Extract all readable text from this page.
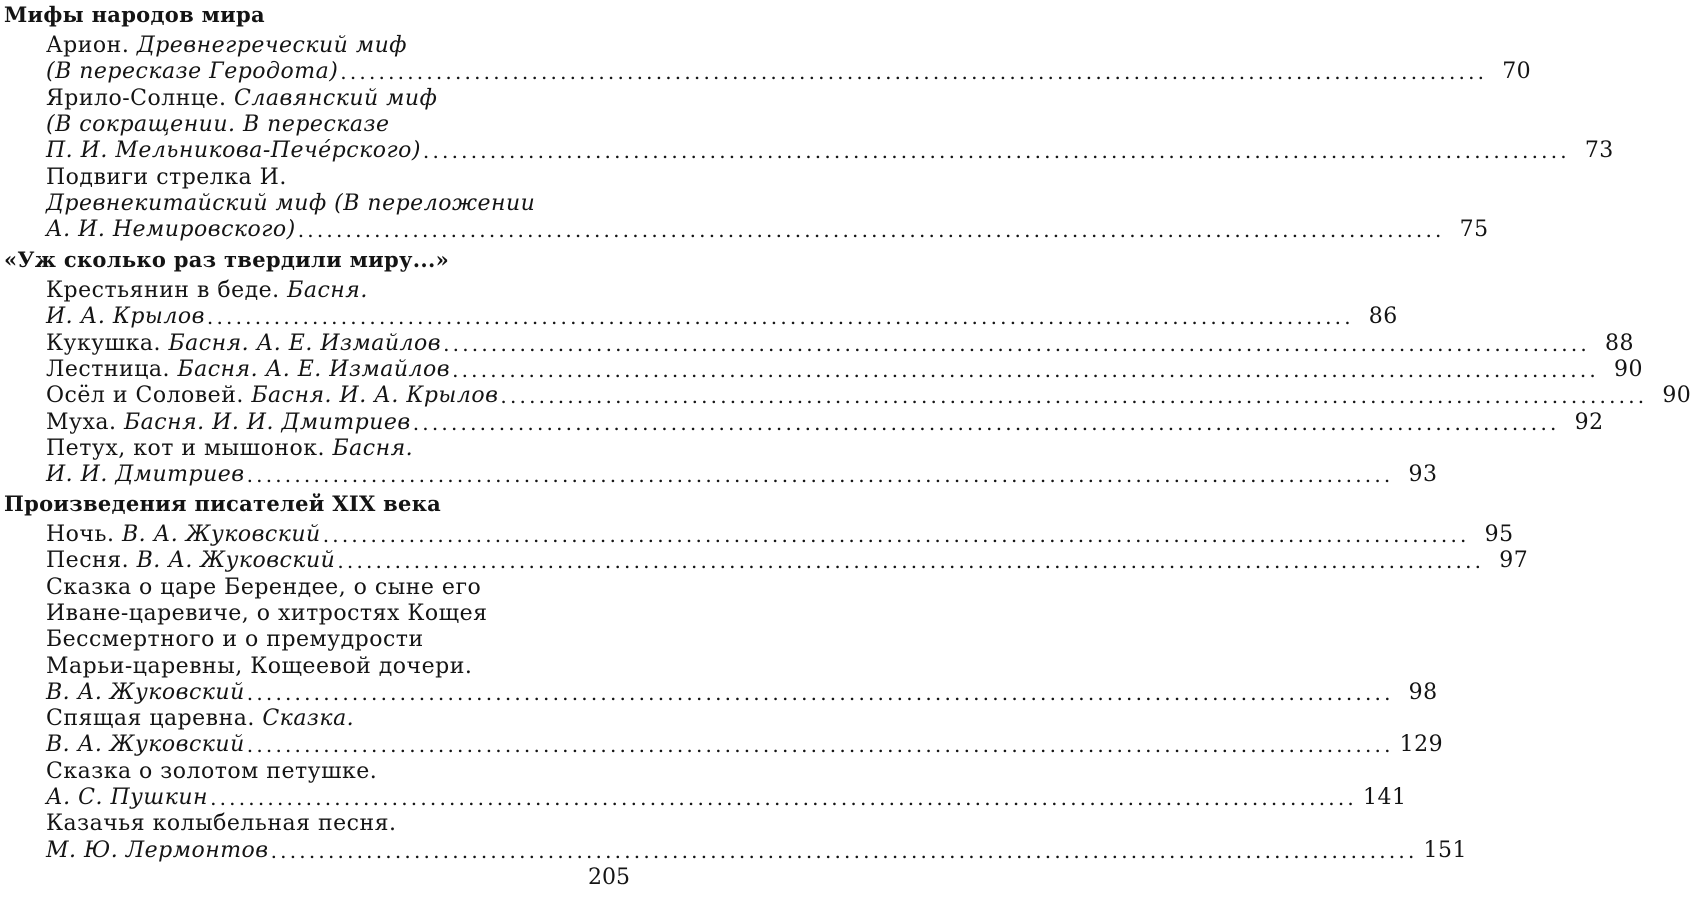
Мифы народов мира
Арион. Древнегреческий миф
(В пересказе Геродота) ........................................................................................................................ 70
Ярило-Солнце. Славянский миф
(В сокращении. В пересказе
П. И. Мельникова-Печéрского) ........................................................................................................................ 73
Подвиги стрелка И.
Древнекитайский миф (В переложении
А. И. Немировского) ........................................................................................................................ 75
«Уж сколько раз твердили миру...»
Крестьянин в беде. Басня.
И. А. Крылов ........................................................................................................................ 86
Кукушка. Басня. А. Е. Измайлов ........................................................................................................................ 88
Лестница. Басня. А. Е. Измайлов ........................................................................................................................ 90
Осёл и Соловей. Басня. И. А. Крылов ........................................................................................................................ 90
Муха. Басня. И. И. Дмитриев ........................................................................................................................ 92
Петух, кот и мышонок. Басня.
И. И. Дмитриев ........................................................................................................................ 93
Произведения писателей XIX века
Ночь. В. А. Жуковский ........................................................................................................................ 95
Песня. В. А. Жуковский ........................................................................................................................ 97
Сказка о царе Берендее, о сыне его
Иване-царевиче, о хитростях Кощея
Бессмертного и о премудрости
Марьи-царевны, Кощеевой дочери.
В. А. Жуковский ........................................................................................................................ 98
Спящая царевна. Сказка.
В. А. Жуковский ........................................................................................................................ 129
Сказка о золотом петушке.
А. С. Пушкин ........................................................................................................................ 141
Казачья колыбельная песня.
М. Ю. Лермонтов ........................................................................................................................ 151
205
